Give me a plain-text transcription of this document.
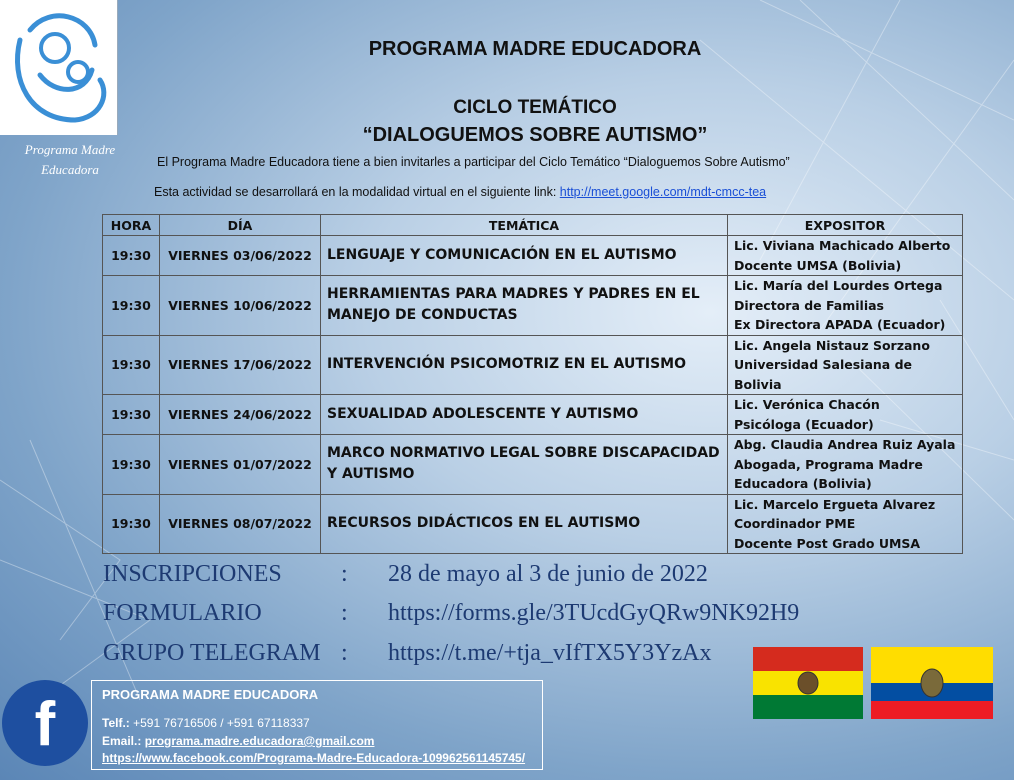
Programa Madre
Educadora
PROGRAMA MADRE EDUCADORA
CICLO TEMÁTICO
“DIALOGUEMOS SOBRE AUTISMO”
El Programa Madre Educadora tiene a bien invitarles a participar del Ciclo Temático “Dialoguemos Sobre Autismo”
Esta actividad se desarrollará en la modalidad virtual en el siguiente link: http://meet.google.com/mdt-cmcc-tea
HORA	DÍA	TEMÁTICA	EXPOSITOR
19:30	VIERNES 03/06/2022	LENGUAJE Y COMUNICACIÓN EN EL AUTISMO	Lic. Viviana Machicado Alberto
Docente UMSA (Bolivia)
19:30	VIERNES 10/06/2022	HERRAMIENTAS PARA MADRES Y PADRES EN EL MANEJO DE CONDUCTAS	Lic. María del Lourdes Ortega
Directora de Familias
Ex Directora APADA (Ecuador)
19:30	VIERNES 17/06/2022	INTERVENCIÓN PSICOMOTRIZ EN EL AUTISMO	Lic. Angela Nistauz Sorzano
Universidad Salesiana de Bolivia
19:30	VIERNES 24/06/2022	SEXUALIDAD ADOLESCENTE Y AUTISMO	Lic. Verónica Chacón
Psicóloga (Ecuador)
19:30	VIERNES 01/07/2022	MARCO NORMATIVO LEGAL SOBRE DISCAPACIDAD Y AUTISMO	Abg. Claudia Andrea Ruiz Ayala
Abogada, Programa Madre
Educadora (Bolivia)
19:30	VIERNES 08/07/2022	RECURSOS DIDÁCTICOS EN EL AUTISMO	Lic. Marcelo Ergueta Alvarez
Coordinador PME
Docente Post Grado UMSA
INSCRIPCIONES : 28 de mayo al 3 de junio de 2022
FORMULARIO	: https://forms.gle/3TUcdGyQRw9NK92H9
GRUPO TELEGRAM : https://t.me/+tja_vIfTX5Y3YzAx
f	PROGRAMA MADRE EDUCADORA
Telf.: +591 76716506 / +591 67118337
Email.: programa.madre.educadora@gmail.com
https://www.facebook.com/Programa-Madre-Educadora-109962561145745/
